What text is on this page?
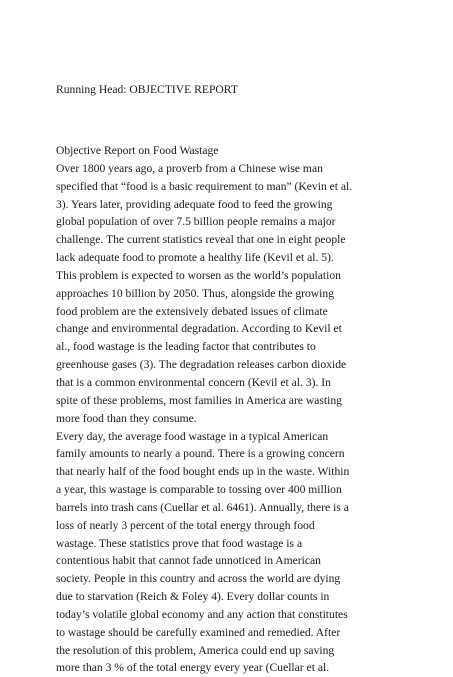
Running Head: OBJECTIVE REPORT
Objective Report on Food Wastage
Over 1800 years ago, a proverb from a Chinese wise man
specified that “food is a basic requirement to man” (Kevin et al.
3). Years later, providing adequate food to feed the growing
global population of over 7.5 billion people remains a major
challenge. The current statistics reveal that one in eight people
lack adequate food to promote a healthy life (Kevil et al. 5).
This problem is expected to worsen as the world’s population
approaches 10 billion by 2050. Thus, alongside the growing
food problem are the extensively debated issues of climate
change and environmental degradation. According to Kevil et
al., food wastage is the leading factor that contributes to
greenhouse gases (3). The degradation releases carbon dioxide
that is a common environmental concern (Kevil et al. 3). In
spite of these problems, most families in America are wasting
more food than they consume.
Every day, the average food wastage in a typical American
family amounts to nearly a pound. There is a growing concern
that nearly half of the food bought ends up in the waste. Within
a year, this wastage is comparable to tossing over 400 million
barrels into trash cans (Cuellar et al. 6461). Annually, there is a
loss of nearly 3 percent of the total energy through food
wastage. These statistics prove that food wastage is a
contentious habit that cannot fade unnoticed in American
society. People in this country and across the world are dying
due to starvation (Reich & Foley 4). Every dollar counts in
today’s volatile global economy and any action that constitutes
to wastage should be carefully examined and remedied. After
the resolution of this problem, America could end up saving
more than 3 % of the total energy every year (Cuellar et al.
